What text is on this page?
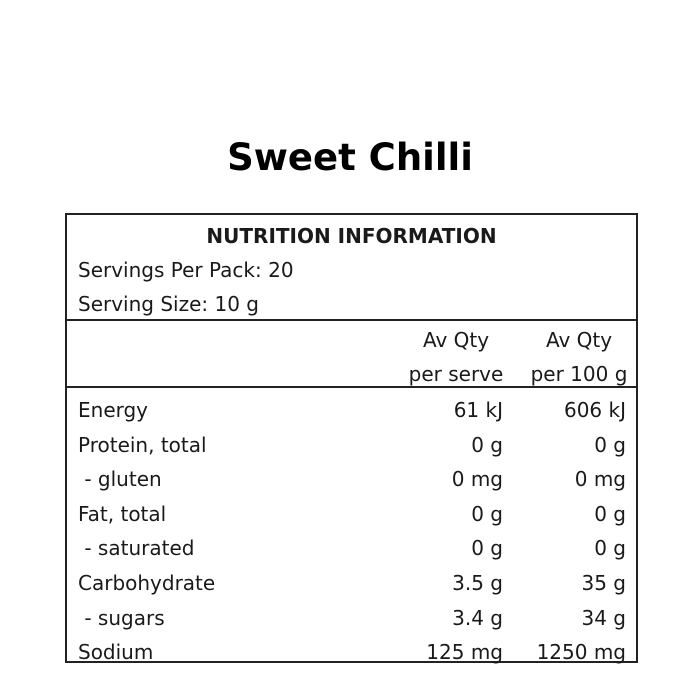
Sweet Chilli
NUTRITION INFORMATION
Servings Per Pack: 20
Serving Size: 10 g
Av Qty
per serve
Av Qty
per 100 g
Energy	61 kJ	606 kJ
Protein, total	0 g	0 g
- gluten	0 mg	0 mg
Fat, total	0 g	0 g
- saturated	0 g	0 g
Carbohydrate	3.5 g	35 g
- sugars	3.4 g	34 g
Sodium	125 mg 1250 mg
